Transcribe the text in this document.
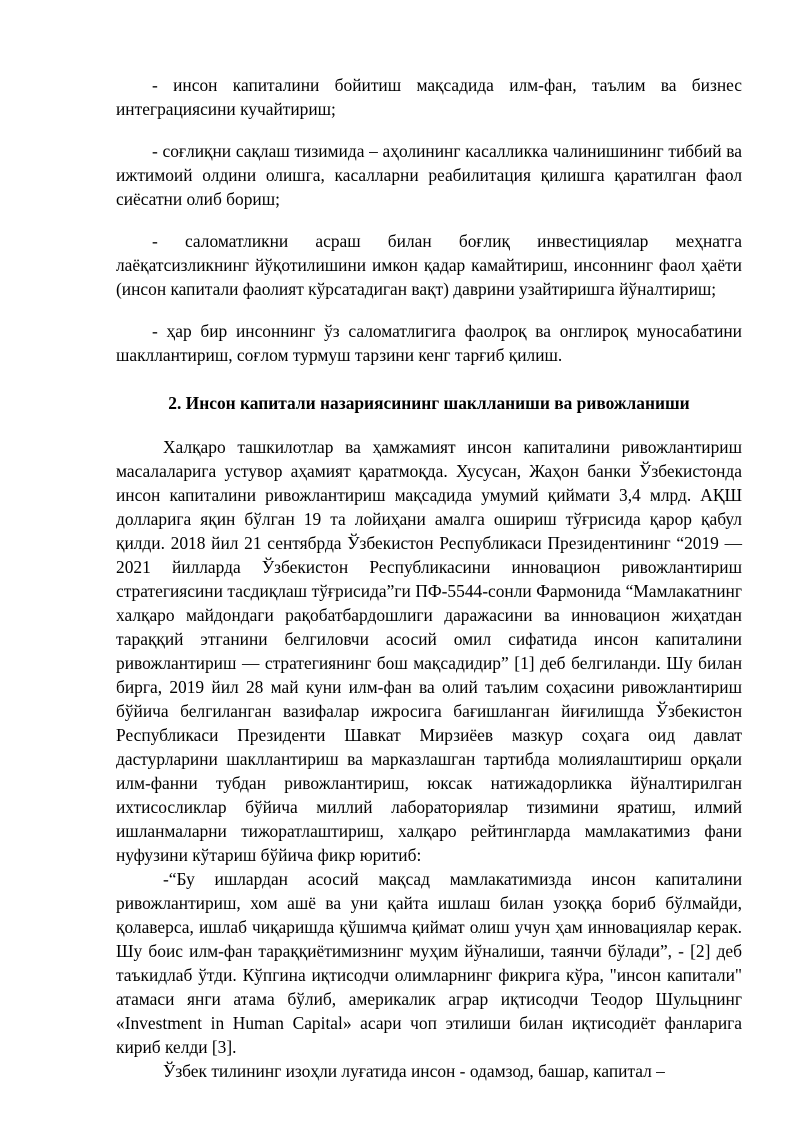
- инсон капиталини бойитиш мақсадида илм-фан, таълим ва бизнес интеграциясини кучайтириш;

- соғлиқни сақлаш тизимида – аҳолининг касалликка чалинишининг тиббий ва ижтимоий олдини олишга, касалларни реабилитация қилишга қаратилган фаол сиёсатни олиб бориш;

- саломатликни асраш билан боғлиқ инвестициялар меҳнатга лаёқатсизликнинг йўқотилишини имкон қадар камайтириш, инсоннинг фаол ҳаёти (инсон капитали фаолият кўрсатадиган вақт) даврини узайтиришга йўналтириш;

- ҳар бир инсоннинг ўз саломатлигига фаолроқ ва онглироқ муносабатини шакллантириш, соғлом турмуш тарзини кенг тарғиб қилиш.

2. Инсон капитали назариясининг шаклланиши ва ривожланиши

Халқаро ташкилотлар ва ҳамжамият инсон капиталини ривожлантириш масалаларига устувор аҳамият қаратмоқда. Хусусан, Жаҳон банки Ўзбекистонда инсон капиталини ривожлантириш мақсадида умумий қиймати 3,4 млрд. АҚШ долларига яқин бўлган 19 та лойиҳани амалга ошириш тўғрисида қарор қабул қилди. 2018 йил 21 сентябрда Ўзбекистон Республикаси Президентининг “2019 — 2021 йилларда Ўзбекистон Республикасини инновацион ривожлантириш стратегиясини тасдиқлаш тўғрисида”ги ПФ-5544-сонли Фармонида “Мамлакатнинг халқаро майдондаги рақобатбардошлиги даражасини ва инновацион жиҳатдан тараққий этганини белгиловчи асосий омил сифатида инсон капиталини ривожлантириш — стратегиянинг бош мақсадидир” [1] деб белгиланди. Шу билан бирга, 2019 йил 28 май куни илм-фан ва олий таълим соҳасини ривожлантириш бўйича белгиланган вазифалар ижросига бағишланган йиғилишда Ўзбекистон Республикаси Президенти Шавкат Мирзиёев мазкур соҳага оид давлат дастурларини шакллантириш ва марказлашган тартибда молиялаштириш орқали илм-фанни тубдан ривожлантириш, юксак натижадорликка йўналтирилган ихтисосликлар бўйича миллий лабораториялар тизимини яратиш, илмий ишланмаларни тижоратлаштириш, халқаро рейтингларда мамлакатимиз фани нуфузини кўтариш бўйича фикр юритиб:

-“Бу ишлардан асосий мақсад мамлакатимизда инсон капиталини ривожлантириш, хом ашё ва уни қайта ишлаш билан узоққа бориб бўлмайди, қолаверса, ишлаб чиқаришда қўшимча қиймат олиш учун ҳам инновациялар керак. Шу боис илм-фан тараққиётимизнинг муҳим йўналиши, таянчи бўлади”, - [2] деб таъкидлаб ўтди. Кўпгина иқтисодчи олимларнинг фикрига кўра, "инсон капитали" атамаси янги атама бўлиб, америкалик аграр иқтисодчи Теодор Шульцнинг «Investment in Human Capital» асари чоп этилиши билан иқтисодиёт фанларига кириб келди [3].

Ўзбек тилининг изоҳли луғатида инсон - одамзод, башар, капитал –
